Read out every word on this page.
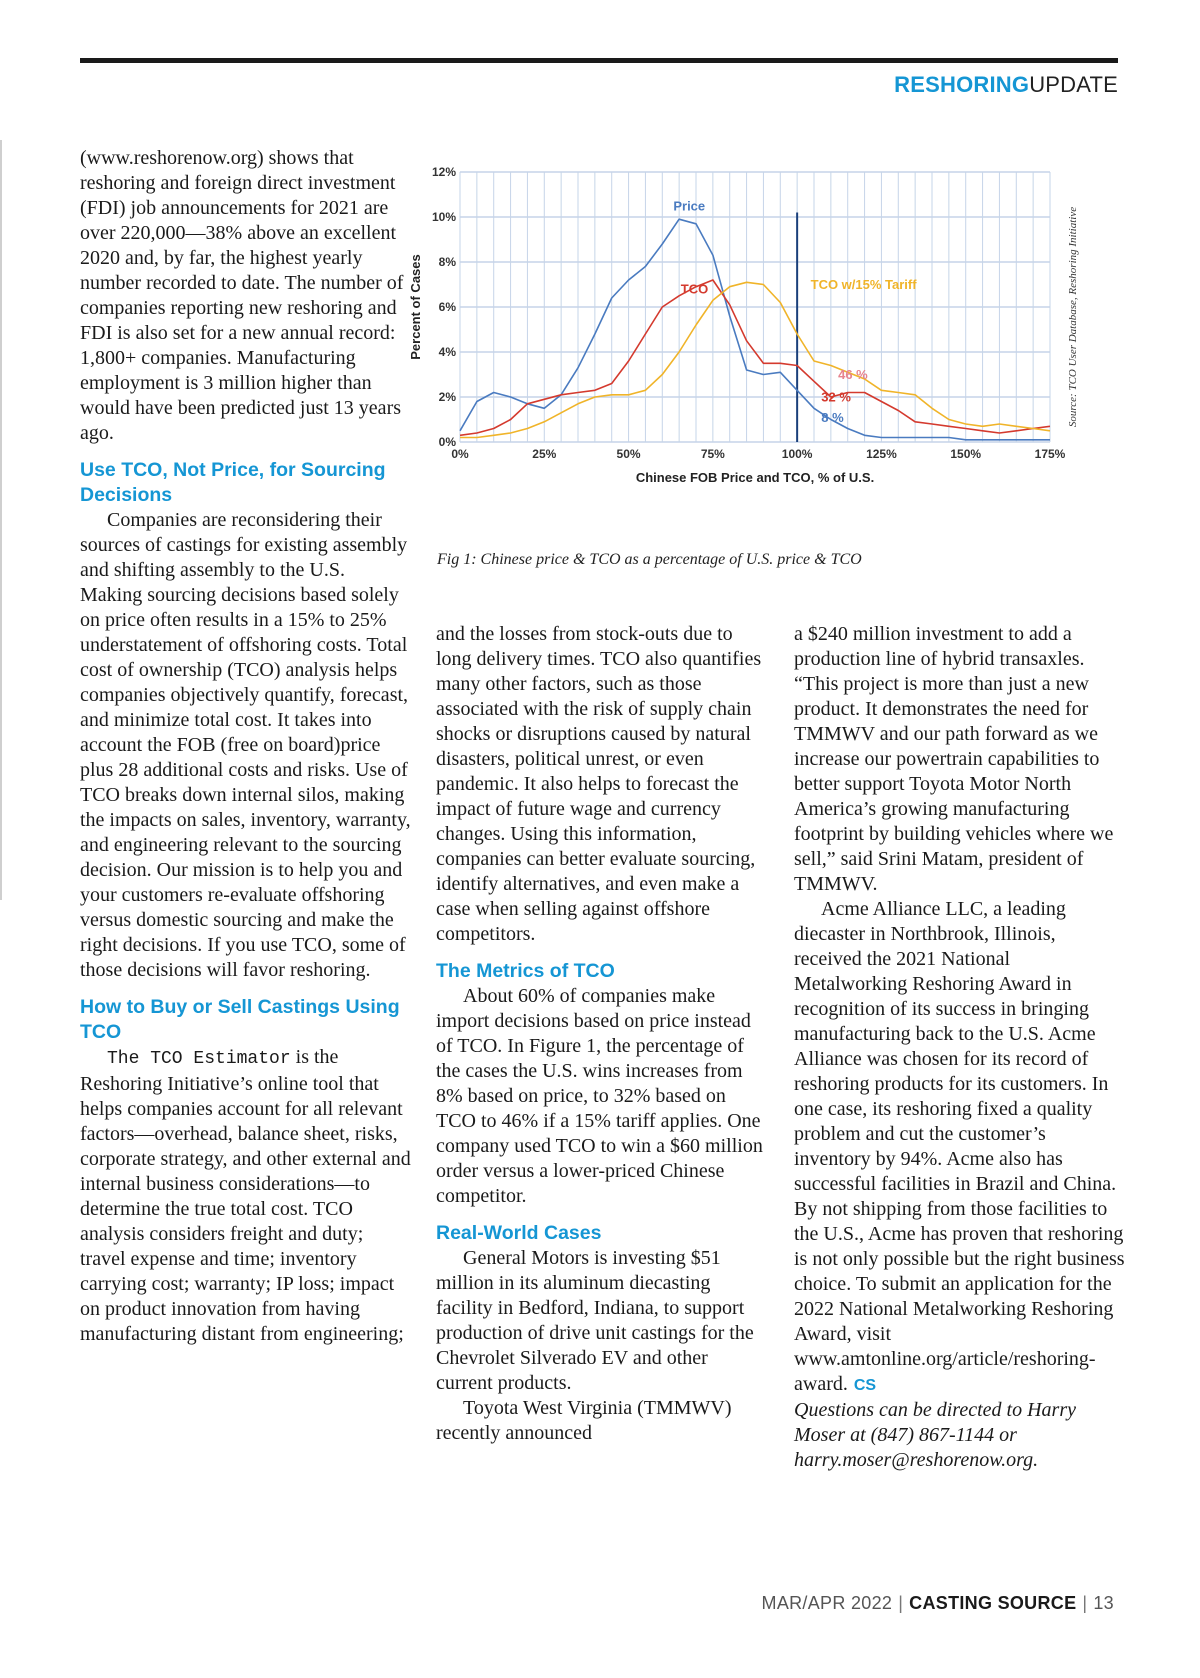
RESHORINGUPDATE

(www.reshorenow.org) shows that reshoring and foreign direct investment (FDI) job announcements for 2021 are over 220,000—38% above an excellent 2020 and, by far, the highest yearly number recorded to date. The number of companies reporting new reshoring and FDI is also set for a new annual record: 1,800+ companies. Manufacturing employment is 3 million higher than would have been predicted just 13 years ago.

Use TCO, Not Price, for Sourcing Decisions

Companies are reconsidering their sources of castings for existing assembly and shifting assembly to the U.S. Making sourcing decisions based solely on price often results in a 15% to 25% understatement of offshoring costs. Total cost of ownership (TCO) analysis helps companies objectively quantify, forecast, and minimize total cost. It takes into account the FOB (free on board)price plus 28 additional costs and risks. Use of TCO breaks down internal silos, making the impacts on sales, inventory, warranty, and engineering relevant to the sourcing decision. Our mission is to help you and your customers re-evaluate offshoring versus domestic sourcing and make the right decisions. If you use TCO, some of those decisions will favor reshoring.

How to Buy or Sell Castings Using TCO

The TCO Estimator is the Reshoring Initiative’s online tool that helps companies account for all relevant factors—overhead, balance sheet, risks, corporate strategy, and other external and internal business considerations—to determine the true total cost. TCO analysis considers freight and duty; travel expense and time; inventory carrying cost; warranty; IP loss; impact on product innovation from having manufacturing distant from engineering;

0%
2%
4%
6%
8%
10%
12%
0%	25%	50%	75%	100%	125%	150%	175%
Chinese FOB Price and TCO, % of U.S.
Percent of Cases	Source: TCO User Database, Reshoring Initiative
Price
TCO	TCO w/15% Tariff
8 %
32 %
46 %
Fig 1: Chinese price & TCO as a percentage of U.S. price & TCO

and the losses from stock-outs due to long delivery times. TCO also quantifies many other factors, such as those associated with the risk of supply chain shocks or disruptions caused by natural disasters, political unrest, or even pandemic. It also helps to forecast the impact of future wage and currency changes. Using this information, companies can better evaluate sourcing, identify alternatives, and even make a case when selling against offshore competitors.

The Metrics of TCO

About 60% of companies make import decisions based on price instead of TCO. In Figure 1, the percentage of the cases the U.S. wins increases from 8% based on price, to 32% based on TCO to 46% if a 15% tariff applies. One company used TCO to win a $60 million order versus a lower-priced Chinese competitor.

Real-World Cases

General Motors is investing $51 million in its aluminum diecasting facility in Bedford, Indiana, to support production of drive unit castings for the Chevrolet Silverado EV and other current products.

Toyota West Virginia (TMMWV) recently announced

a $240 million investment to add a production line of hybrid transaxles. “This project is more than just a new product. It demonstrates the need for TMMWV and our path forward as we increase our powertrain capabilities to better support Toyota Motor North America’s growing manufacturing footprint by building vehicles where we sell,” said Srini Matam, president of TMMWV.

Acme Alliance LLC, a leading diecaster in Northbrook, Illinois, received the 2021 National Metalworking Reshoring Award in recognition of its success in bringing manufacturing back to the U.S. Acme Alliance was chosen for its record of reshoring products for its customers. In one case, its reshoring fixed a quality problem and cut the customer’s inventory by 94%. Acme also has successful facilities in Brazil and China. By not shipping from those facilities to the U.S., Acme has proven that reshoring is not only possible but the right business choice. To submit an application for the 2022 National Metalworking Reshoring Award, visit www.amtonline.org/article/reshoring-award. CS

Questions can be directed to Harry Moser at (847) 867-1144 or harry.moser@reshorenow.org.

MAR/APR 2022 | CASTING SOURCE | 13
